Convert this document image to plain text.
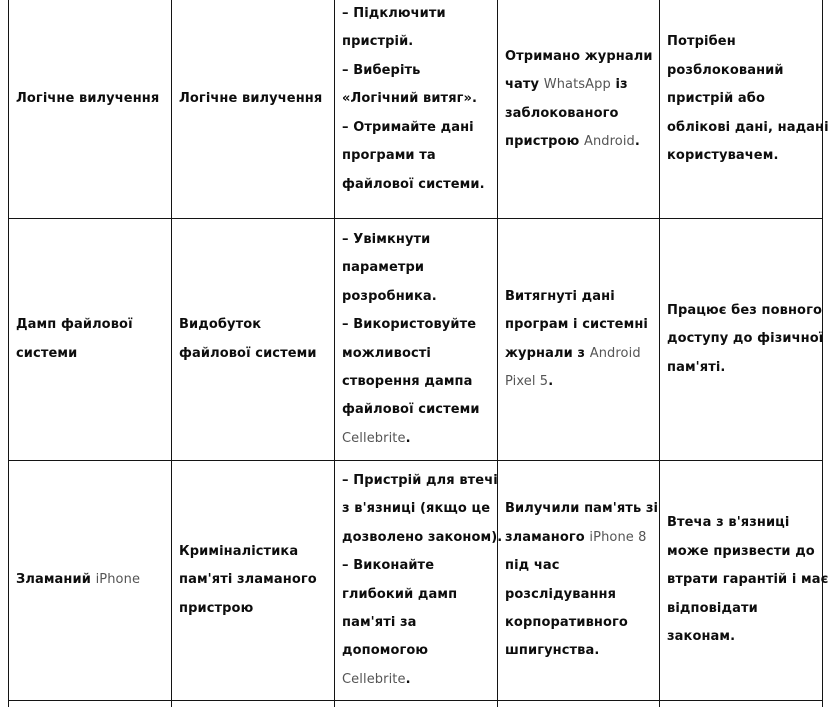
Логічне вилучення Логічне вилучення
– Підключити
пристрій.
– Виберіть
«Логічний витяг».
– Отримайте дані
програми та
файлової системи.
Отримано журнали
чату WhatsApp із
заблокованого
пристрою Android.
Потрібен
розблокований
пристрій або
облікові дані, надані
користувачем.
Дамп файлової
системи
Видобуток
файлової системи
– Увімкнути
параметри
розробника.
– Використовуйте
можливості
створення дампа
файлової системи
Cellebrite.
Витягнуті дані
програм і системні
журнали з Android
Pixel 5.
Працює без повного
доступу до фізичної
пам'яті.
Зламаний iPhone
Криміналістика
пам'яті зламаного
пристрою
– Пристрій для втечі
з в'язниці (якщо це
дозволено законом).
– Виконайте
глибокий дамп
пам'яті за
допомогою
Cellebrite.
Вилучили пам'ять зі
зламаного iPhone 8
під час
розслідування
корпоративного
шпигунства.
Втеча з в'язниці
може призвести до
втрати гарантій і має
відповідати
законам.
